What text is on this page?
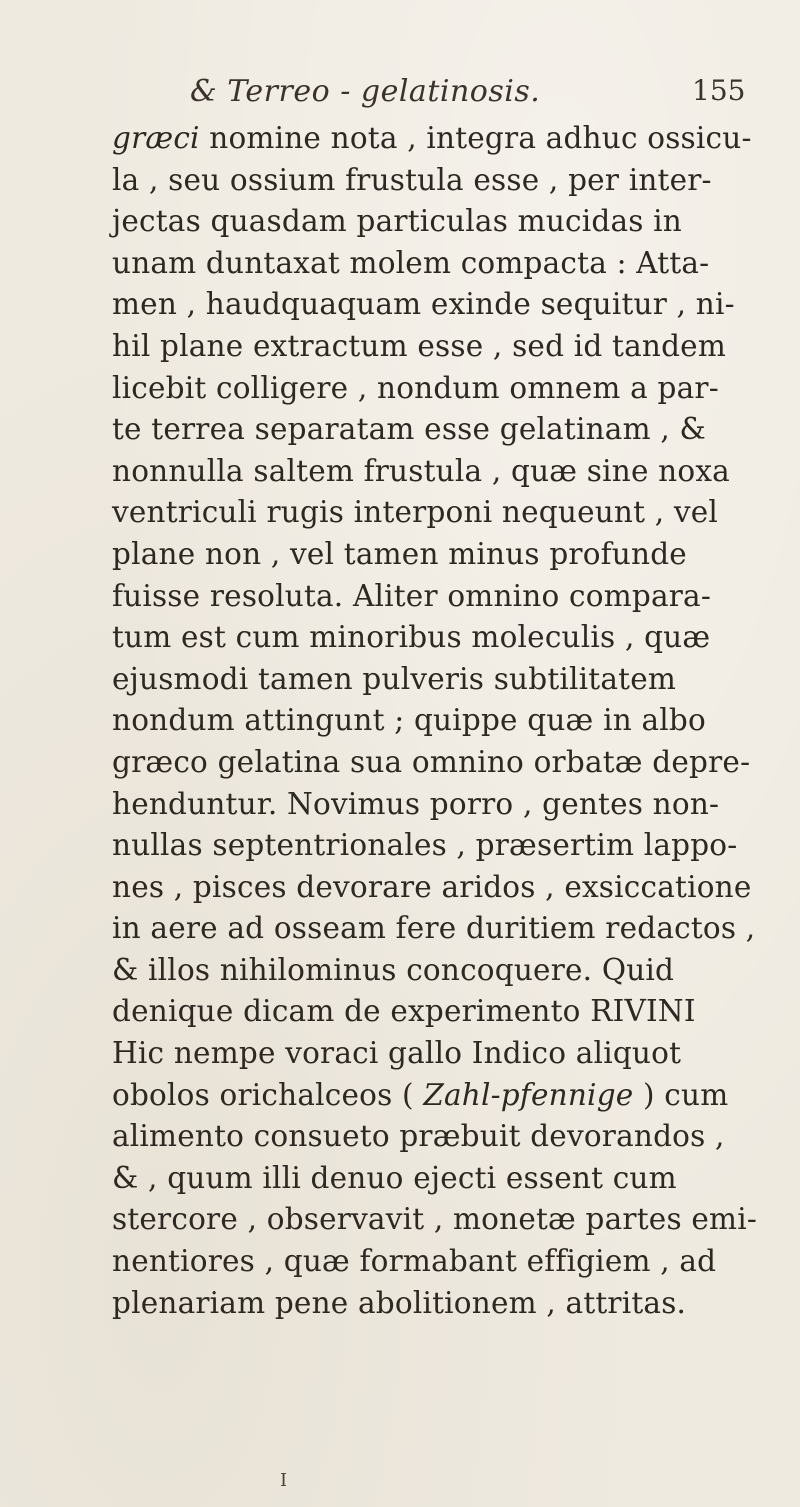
& Terreo - gelatinosis.	155
græci nomine nota , integra adhuc ossicu-
la , seu ossium frustula esse , per inter-
jectas quasdam particulas mucidas in
unam duntaxat molem compacta : Atta-
men , haudquaquam exinde sequitur , ni-
hil plane extractum esse , sed id tandem
licebit colligere , nondum omnem a par-
te terrea separatam esse gelatinam , &
nonnulla saltem frustula , quæ sine noxa
ventriculi rugis interponi nequeunt , vel
plane non , vel tamen minus profunde
fuisse resoluta. Aliter omnino compara-
tum est cum minoribus moleculis , quæ
ejusmodi tamen pulveris subtilitatem
nondum attingunt ; quippe quæ in albo
græco gelatina sua omnino orbatæ depre-
henduntur. Novimus porro , gentes non-
nullas septentrionales , præsertim lappo-
nes , pisces devorare aridos , exsiccatione
in aere ad osseam fere duritiem redactos ,
& illos nihilominus concoquere. Quid
denique dicam de experimento RIVINI
Hic nempe voraci gallo Indico aliquot
obolos orichalceos ( Zahl-pfennige ) cum
alimento consueto præbuit devorandos ,
& , quum illi denuo ejecti essent cum
stercore , observavit , monetæ partes emi-
nentiores , quæ formabant effigiem , ad
plenariam pene abolitionem , attritas.
I
